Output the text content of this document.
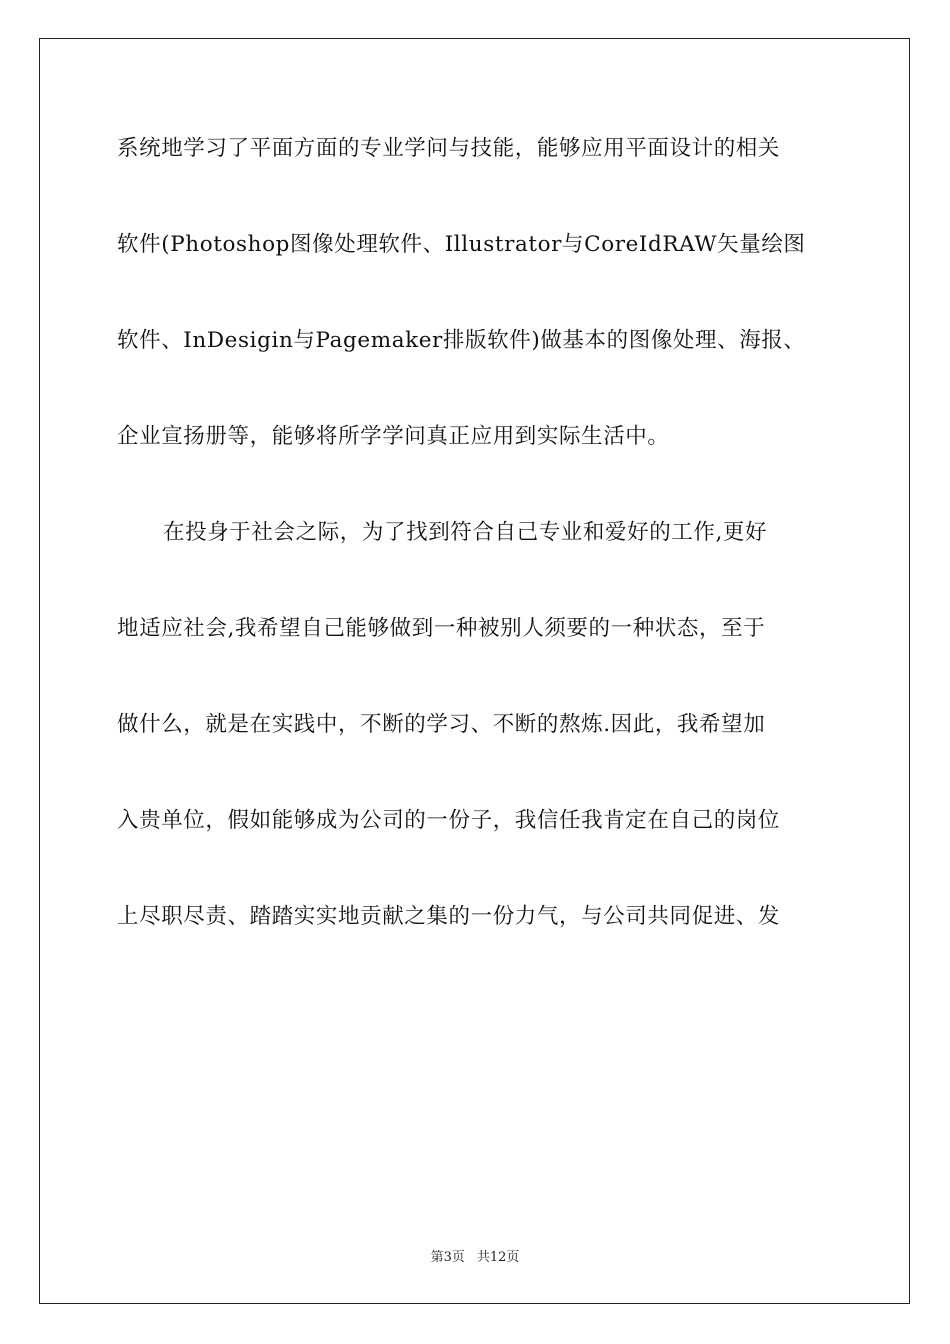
系统地学习了平面方面的专业学问与技能，能够应用平面设计的相关
软件(Photoshop图像处理软件、Illustrator与CoreIdRAW矢量绘图
软件、InDesigin与Pagemaker排版软件)做基本的图像处理、海报、
企业宣扬册等，能够将所学学问真正应用到实际生活中。
在投身于社会之际，为了找到符合自己专业和爱好的工作,更好
地适应社会,我希望自己能够做到一种被别人须要的一种状态，至于
做什么，就是在实践中，不断的学习、不断的熬炼.因此，我希望加
入贵单位，假如能够成为公司的一份子，我信任我肯定在自己的岗位
上尽职尽责、踏踏实实地贡献之集的一份力气，与公司共同促进、发
第3页 共12页
